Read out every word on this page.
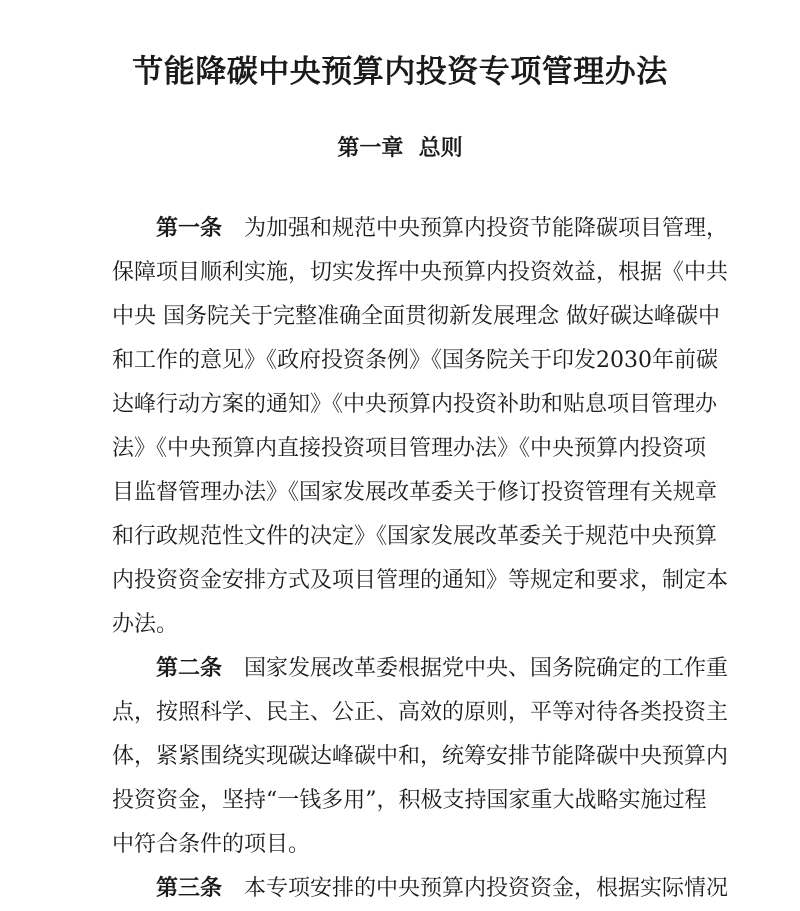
节能降碳中央预算内投资专项管理办法
第一章  总则
第一条 为加强和规范中央预算内投资节能降碳项目管理，
保障项目顺利实施，切实发挥中央预算内投资效益，根据《中共
中央 国务院关于完整准确全面贯彻新发展理念 做好碳达峰碳中
和工作的意见》《政府投资条例》《国务院关于印发2030年前碳
达峰行动方案的通知》《中央预算内投资补助和贴息项目管理办
法》《中央预算内直接投资项目管理办法》《中央预算内投资项
目监督管理办法》《国家发展改革委关于修订投资管理有关规章
和行政规范性文件的决定》《国家发展改革委关于规范中央预算
内投资资金安排方式及项目管理的通知》等规定和要求，制定本
办法。
第二条 国家发展改革委根据党中央、国务院确定的工作重
点，按照科学、民主、公正、高效的原则，平等对待各类投资主
体，紧紧围绕实现碳达峰碳中和，统筹安排节能降碳中央预算内
投资资金，坚持“一钱多用”，积极支持国家重大战略实施过程
中符合条件的项目。
第三条 本专项安排的中央预算内投资资金，根据实际情况
